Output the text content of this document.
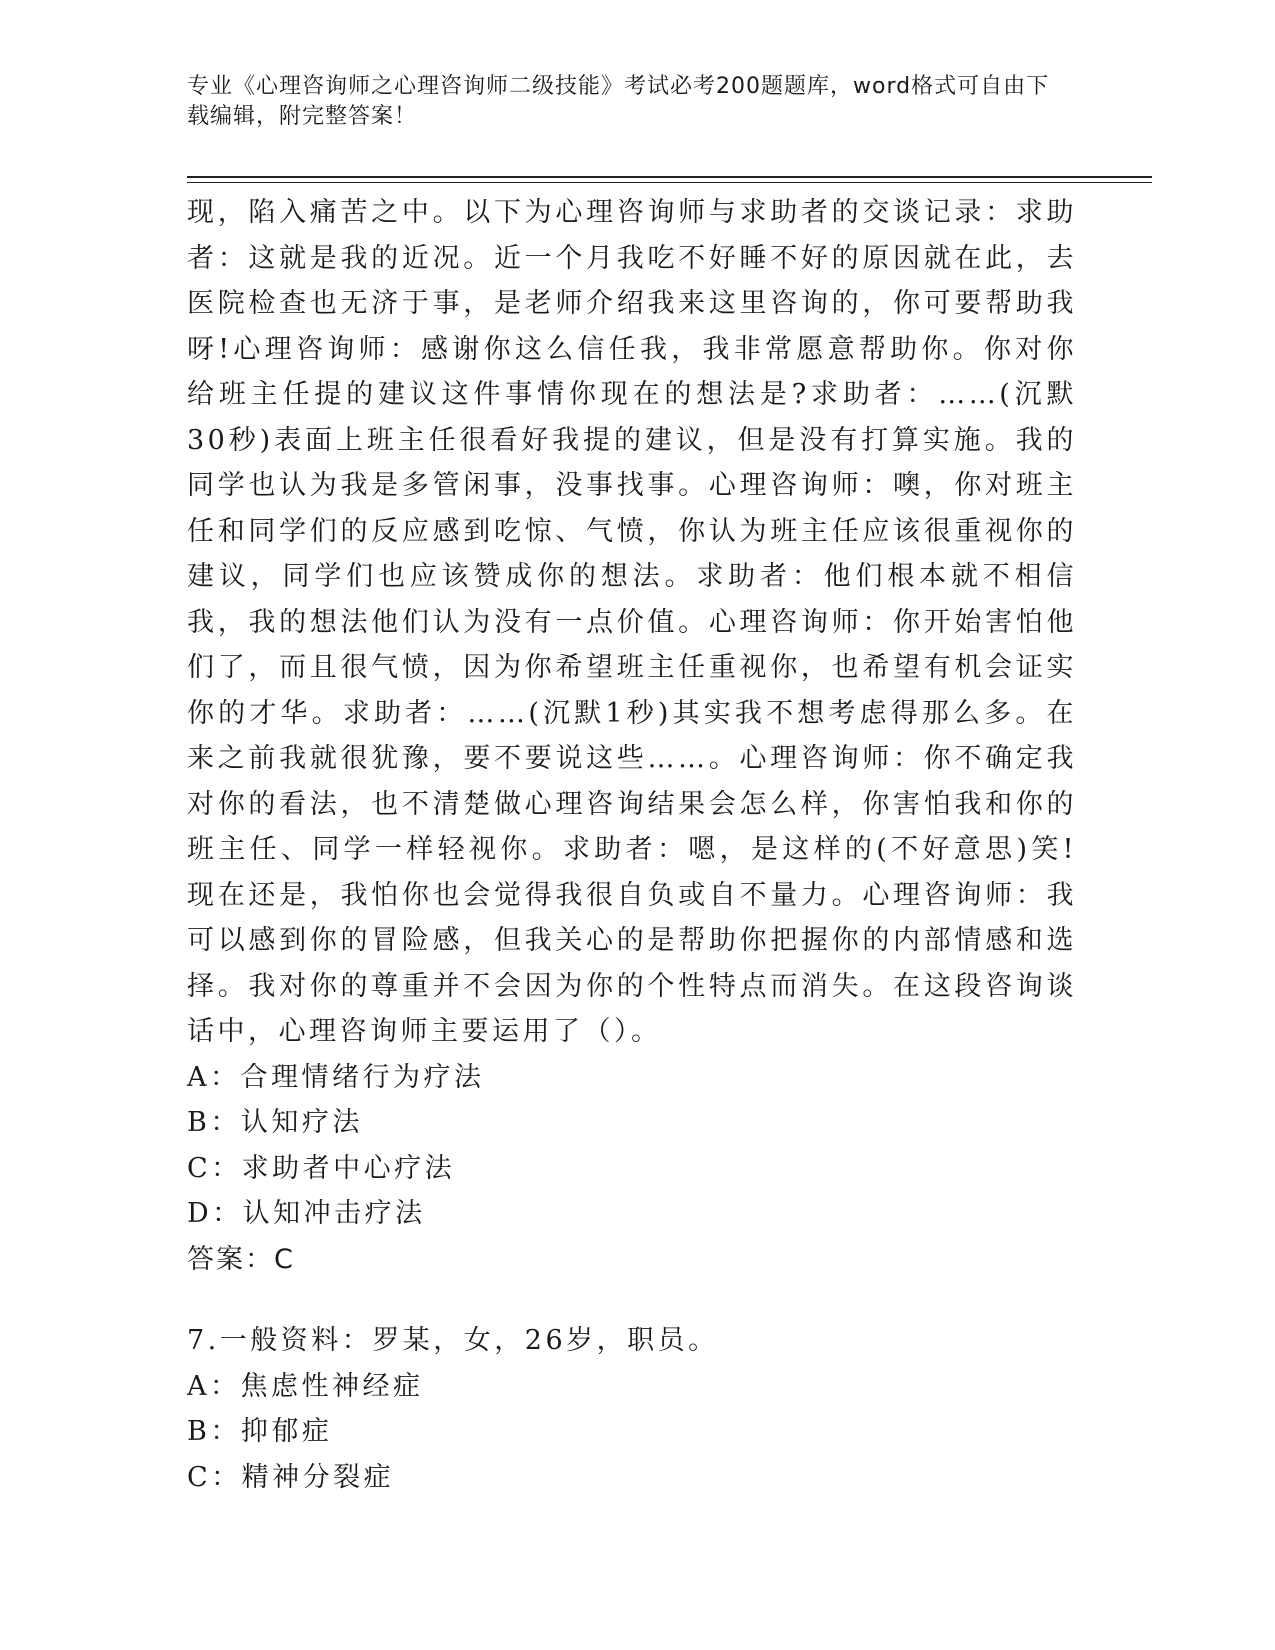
专业《心理咨询师之心理咨询师二级技能》考试必考200题题库，word格式可自由下载编辑，附完整答案！

现，陷入痛苦之中。以下为心理咨询师与求助者的交谈记录：求助者：这就是我的近况。近一个月我吃不好睡不好的原因就在此，去医院检查也无济于事，是老师介绍我来这里咨询的，你可要帮助我呀!心理咨询师：感谢你这么信任我，我非常愿意帮助你。你对你给班主任提的建议这件事情你现在的想法是?求助者：……(沉默30秒)表面上班主任很看好我提的建议，但是没有打算实施。我的同学也认为我是多管闲事，没事找事。心理咨询师：噢，你对班主任和同学们的反应感到吃惊、气愤，你认为班主任应该很重视你的建议，同学们也应该赞成你的想法。求助者：他们根本就不相信我，我的想法他们认为没有一点价值。心理咨询师：你开始害怕他们了，而且很气愤，因为你希望班主任重视你，也希望有机会证实你的才华。求助者：……(沉默1秒)其实我不想考虑得那么多。在来之前我就很犹豫，要不要说这些……。心理咨询师：你不确定我对你的看法，也不清楚做心理咨询结果会怎么样，你害怕我和你的班主任、同学一样轻视你。求助者：嗯，是这样的(不好意思)笑!现在还是，我怕你也会觉得我很自负或自不量力。心理咨询师：我可以感到你的冒险感，但我关心的是帮助你把握你的内部情感和选择。我对你的尊重并不会因为你的个性特点而消失。在这段咨询谈话中，心理咨询师主要运用了（）。

A：合理情绪行为疗法

B：认知疗法

C：求助者中心疗法

D：认知冲击疗法

答案：C

7.一般资料：罗某，女，26岁，职员。

A：焦虑性神经症

B：抑郁症

C：精神分裂症
